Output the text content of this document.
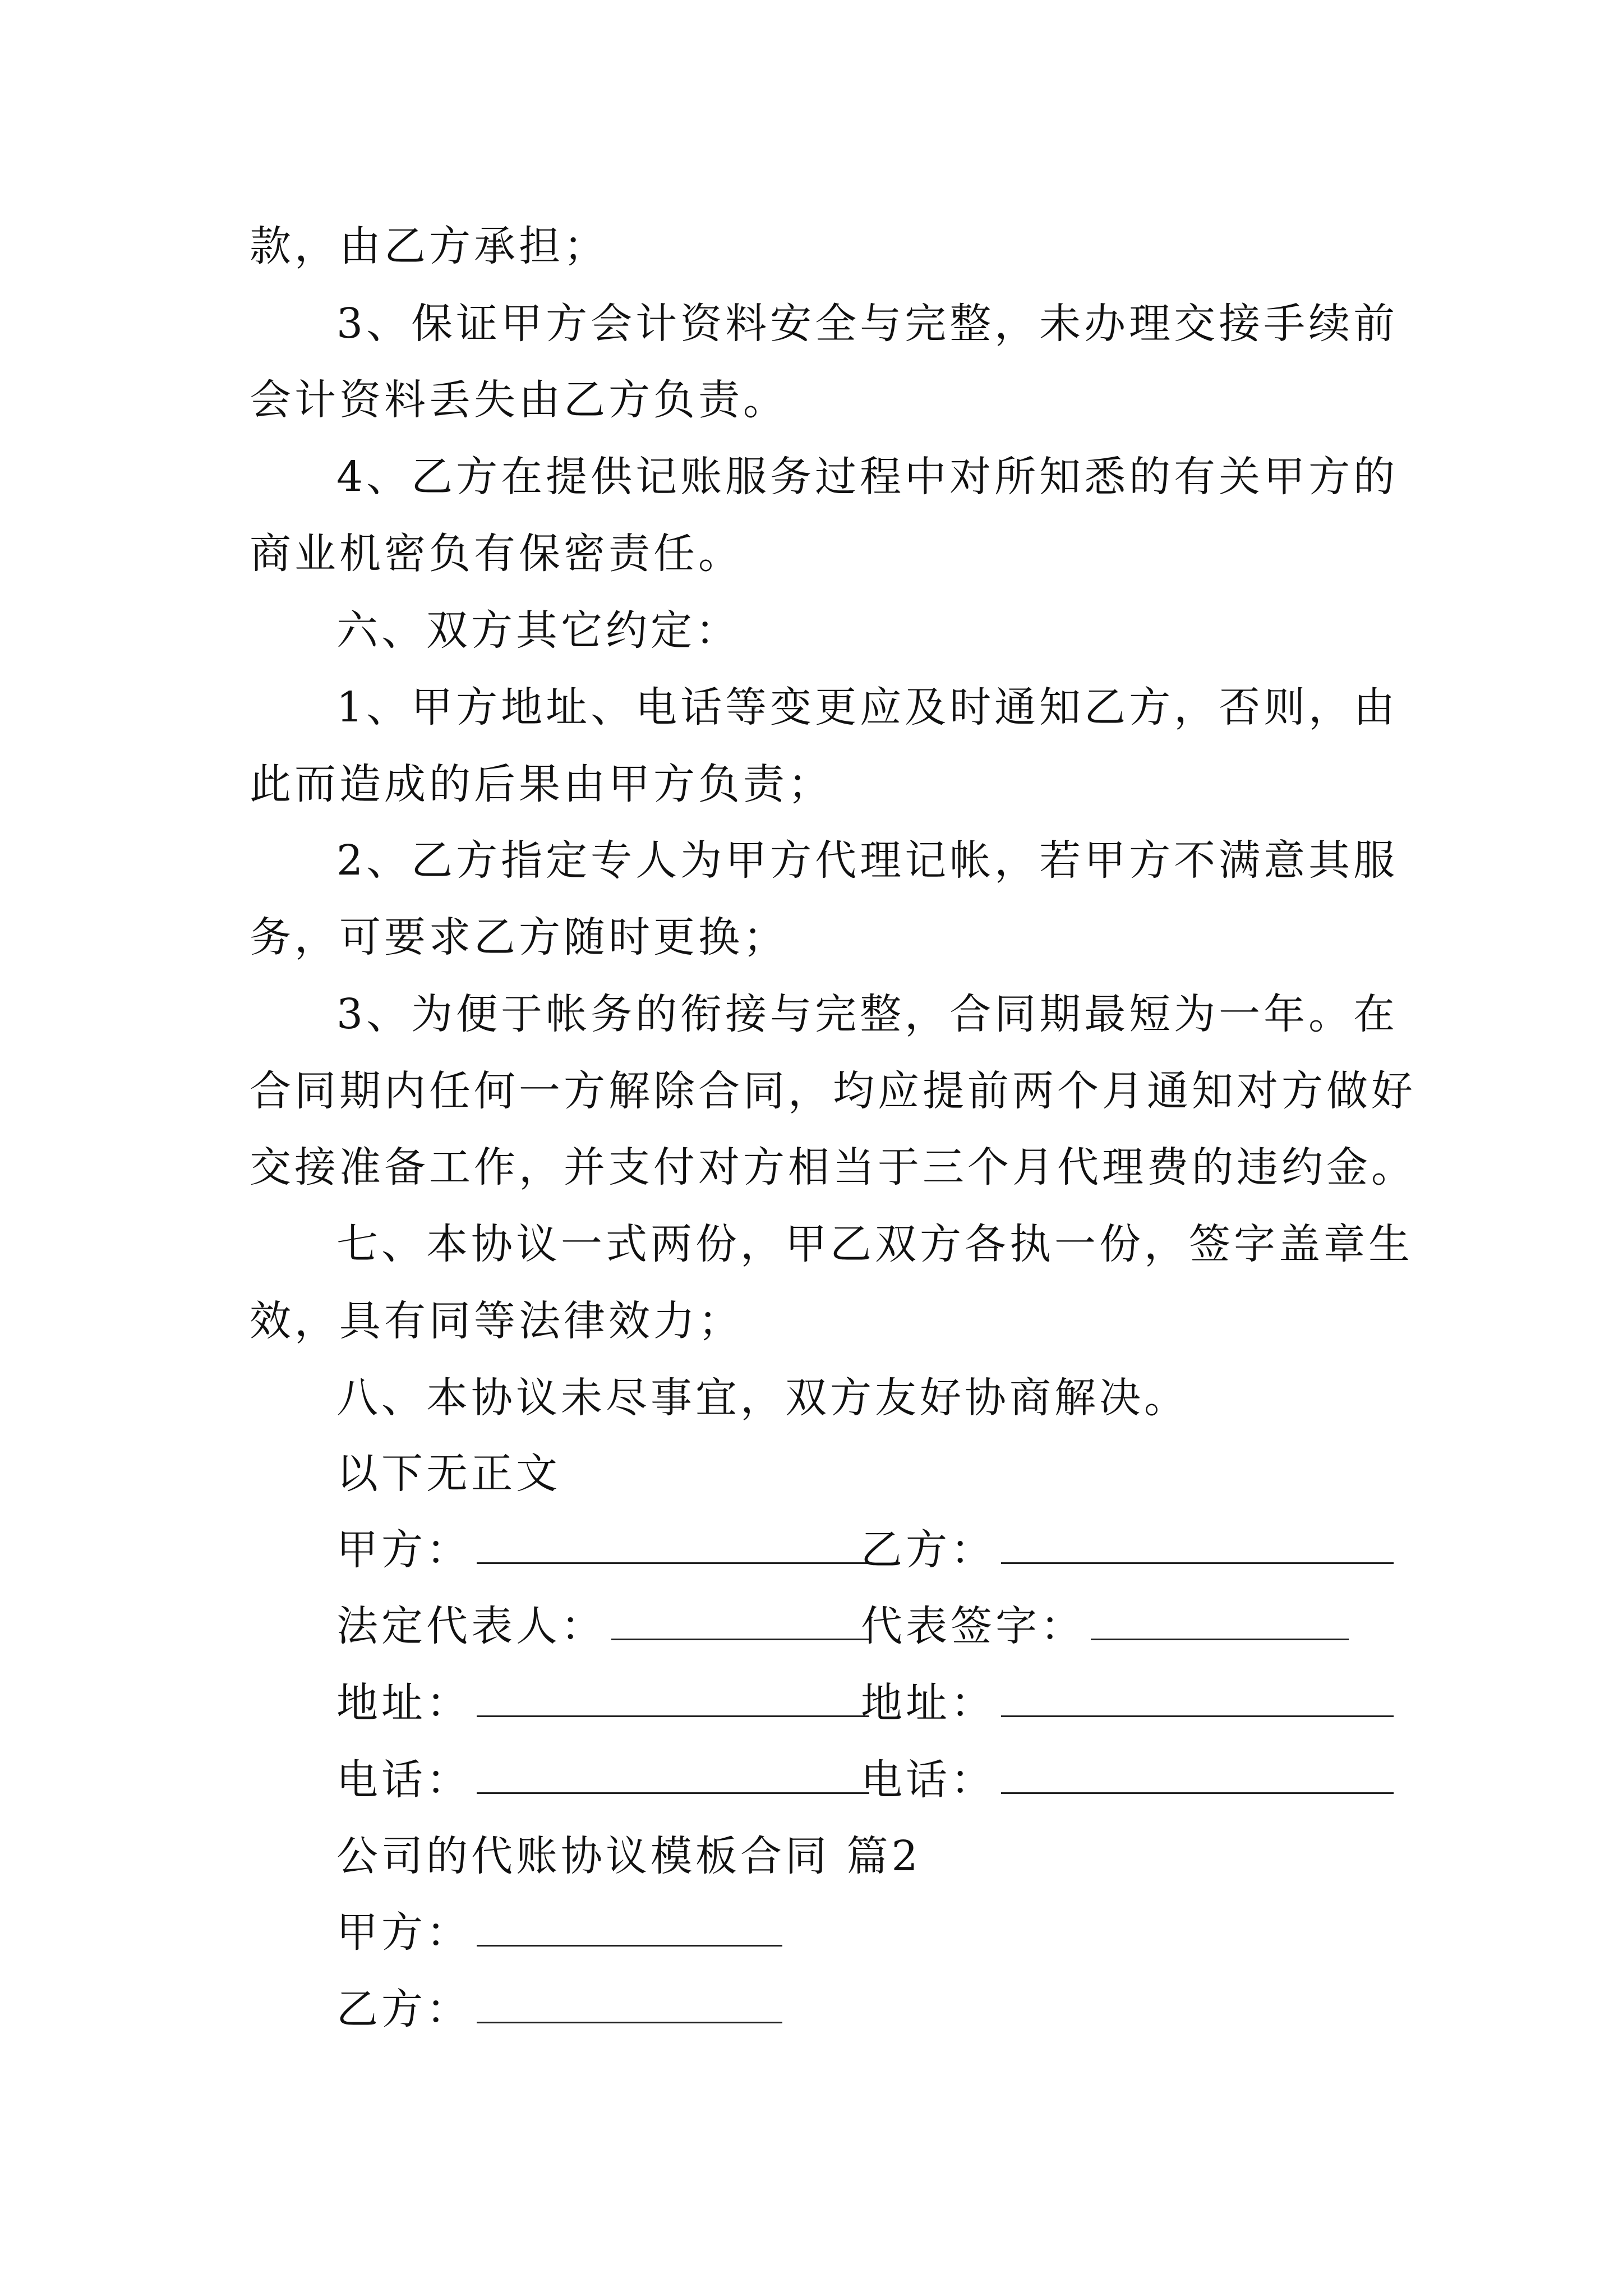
款，由乙方承担；
3、保证甲方会计资料安全与完整，未办理交接手续前
会计资料丢失由乙方负责。
4、乙方在提供记账服务过程中对所知悉的有关甲方的
商业机密负有保密责任。
六、双方其它约定：
1、甲方地址、电话等变更应及时通知乙方，否则，由
此而造成的后果由甲方负责；
2、乙方指定专人为甲方代理记帐，若甲方不满意其服
务，可要求乙方随时更换；
3、为便于帐务的衔接与完整，合同期最短为一年。在
合同期内任何一方解除合同，均应提前两个月通知对方做好
交接准备工作，并支付对方相当于三个月代理费的违约金。
七、本协议一式两份，甲乙双方各执一份，签字盖章生
效，具有同等法律效力；
八、本协议未尽事宜，双方友好协商解决。
以下无正文
甲方：	乙方：
法定代表人：	代表签字：
地址：	地址：
电话：	电话：
公司的代账协议模板合同 篇2
甲方：
乙方：
